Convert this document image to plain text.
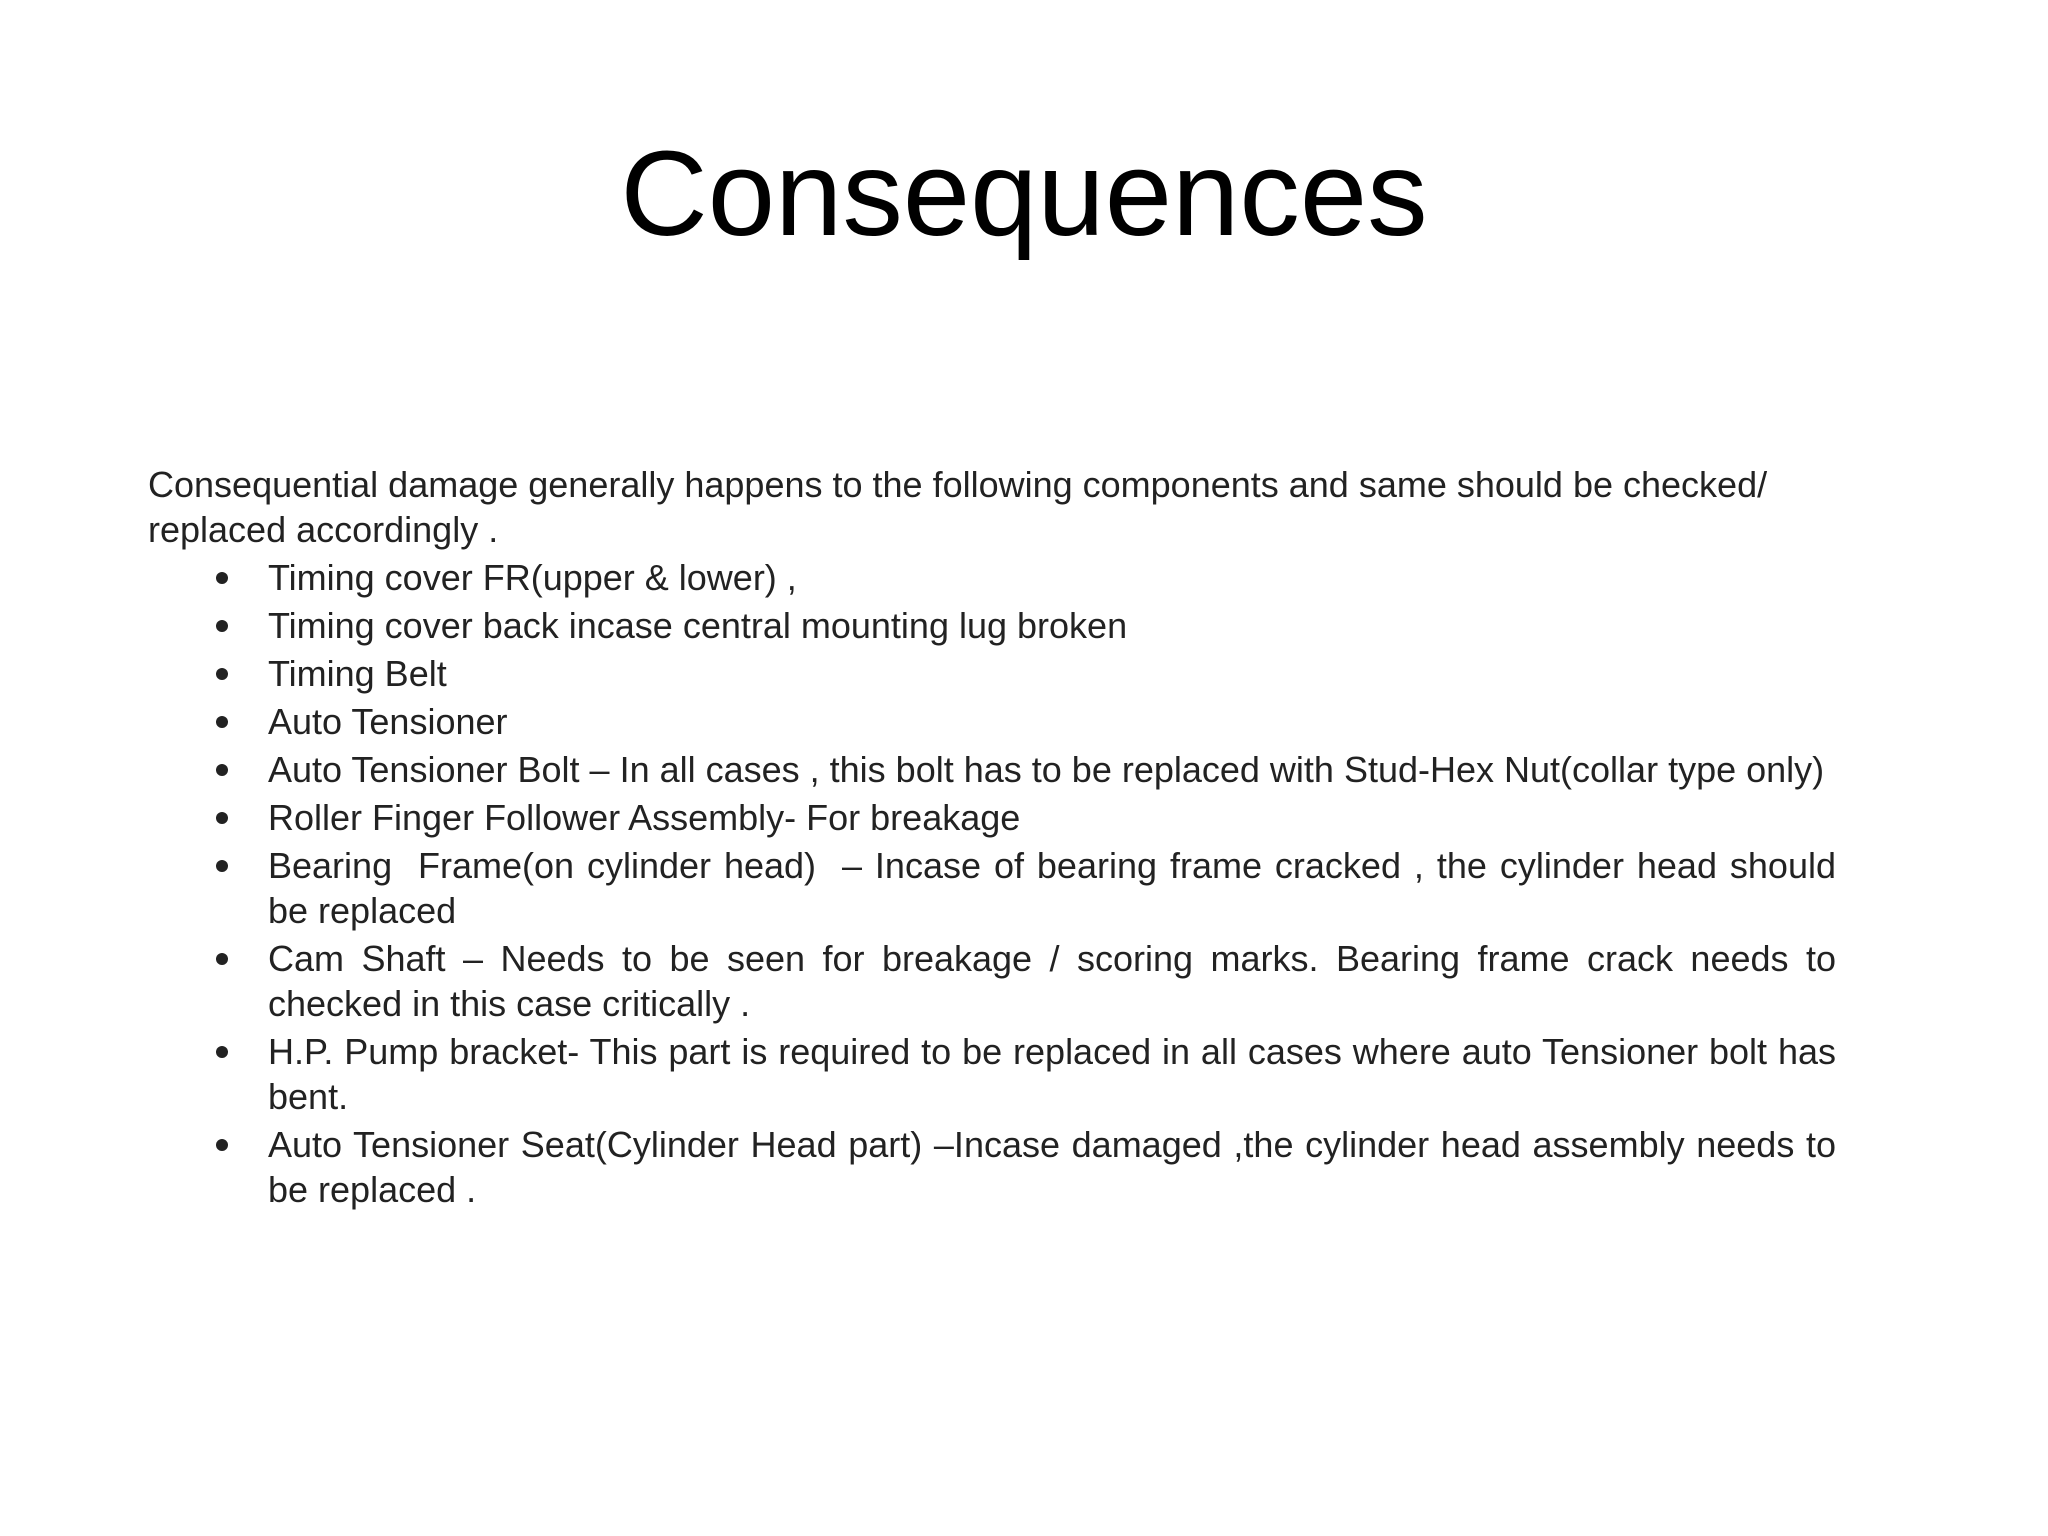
Consequences

Consequential damage generally happens to the following components and same should be checked/ replaced accordingly .

Timing cover FR(upper & lower) ,
Timing cover back incase central mounting lug broken
Timing Belt
Auto Tensioner
Auto Tensioner Bolt – In all cases , this bolt has to be replaced with Stud-Hex Nut(collar type only)
Roller Finger Follower Assembly- For breakage
Bearing  Frame(on cylinder head)  – Incase of bearing frame cracked , the cylinder head should be replaced
Cam Shaft – Needs to be seen for breakage / scoring marks. Bearing frame crack needs to checked in this case critically .
H.P. Pump bracket- This part is required to be replaced in all cases where auto Tensioner bolt has bent.
Auto Tensioner Seat(Cylinder Head part) –Incase damaged ,the cylinder head assembly needs to be replaced .
